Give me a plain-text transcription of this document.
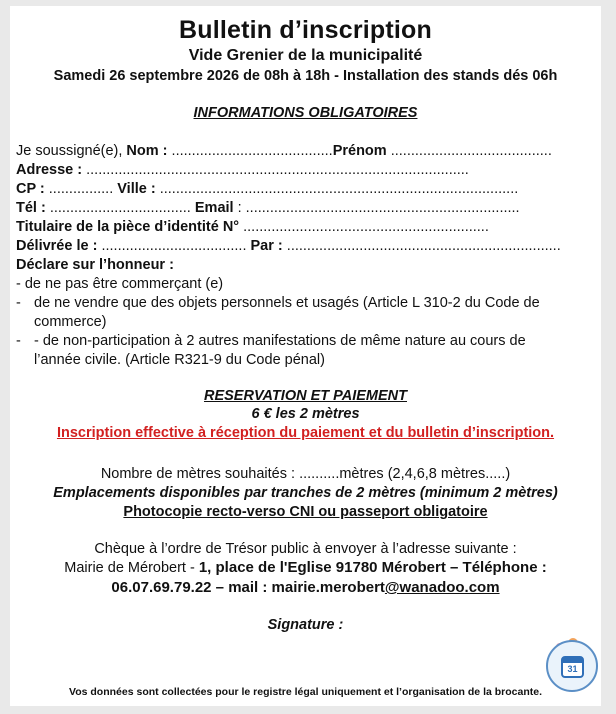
Bulletin d’inscription
Vide Grenier de la municipalité
Samedi 26 septembre 2026 de 08h à 18h - Installation des stands dés 06h
INFORMATIONS OBLIGATOIRES
Je soussigné(e), Nom : ........................................Prénom ........................................
Adresse : ...............................................................................................
CP : ................ Ville : .........................................................................................
Tél : ................................... Email : ....................................................................
Titulaire de la pièce d’identité N° .............................................................
Délivrée le : .................................... Par : ....................................................................
Déclare sur l’honneur :
- de ne pas être commerçant (e)
- de ne vendre que des objets personnels et usagés (Article L 310-2 du Code de commerce)
- - de non-participation à 2 autres manifestations de même nature au cours de l’année civile. (Article R321-9 du Code pénal)
RESERVATION ET PAIEMENT
6 € les 2 mètres
Inscription effective à réception du paiement et du bulletin d’inscription.
Nombre de mètres souhaités : ..........mètres (2,4,6,8 mètres.....)
Emplacements disponibles par tranches de 2 mètres (minimum 2 mètres)
Photocopie recto-verso CNI ou passeport obligatoire
Chèque à l’ordre de Trésor public à envoyer à l’adresse suivante :
Mairie de Mérobert - 1, place de l'Eglise 91780 Mérobert – Téléphone :
06.07.69.79.22 – mail : mairie.merobert@wanadoo.com
Signature :
Vos données sont collectées pour le registre légal uniquement et l’organisation de la brocante.
31
